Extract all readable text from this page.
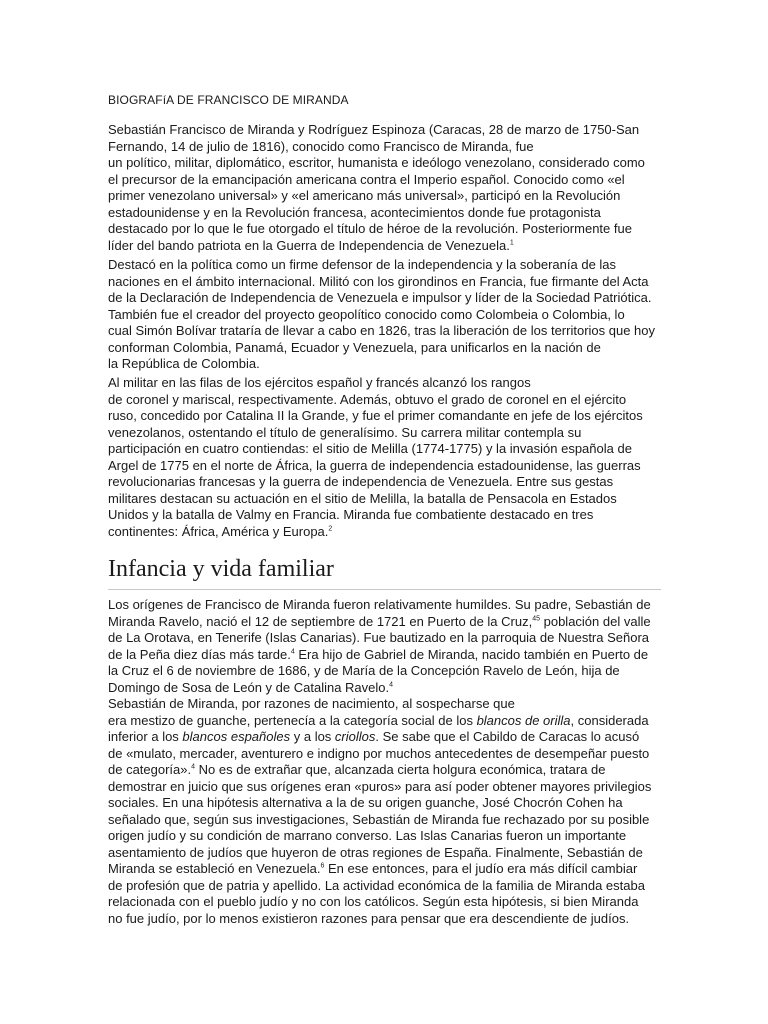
BIOGRAFíA DE FRANCISCO DE MIRANDA

Sebastián Francisco de Miranda y Rodríguez Espinoza (Caracas, 28 de marzo de 1750-San
Fernando, 14 de julio de 1816), conocido como Francisco de Miranda, fue
un político, militar, diplomático, escritor, humanista e ideólogo venezolano, considerado como
el precursor de la emancipación americana contra el Imperio español. Conocido como «el
primer venezolano universal» y «el americano más universal», participó en la Revolución
estadounidense y en la Revolución francesa, acontecimientos donde fue protagonista
destacado por lo que le fue otorgado el título de héroe de la revolución. Posteriormente fue
líder del bando patriota en la Guerra de Independencia de Venezuela.$^1$

Destacó en la política como un firme defensor de la independencia y la soberanía de las
naciones en el ámbito internacional. Militó con los girondinos en Francia, fue firmante del Acta
de la Declaración de Independencia de Venezuela e impulsor y líder de la Sociedad Patriótica.
También fue el creador del proyecto geopolítico conocido como Colombeia o Colombia, lo
cual Simón Bolívar trataría de llevar a cabo en 1826, tras la liberación de los territorios que hoy
conforman Colombia, Panamá, Ecuador y Venezuela, para unificarlos en la nación de
la República de Colombia.

Al militar en las filas de los ejércitos español y francés alcanzó los rangos
de coronel y mariscal, respectivamente. Además, obtuvo el grado de coronel en el ejército
ruso, concedido por Catalina II la Grande, y fue el primer comandante en jefe de los ejércitos
venezolanos, ostentando el título de generalísimo. Su carrera militar contempla su
participación en cuatro contiendas: el sitio de Melilla (1774-1775) y la invasión española de
Argel de 1775 en el norte de África, la guerra de independencia estadounidense, las guerras
revolucionarias francesas y la guerra de independencia de Venezuela. Entre sus gestas
militares destacan su actuación en el sitio de Melilla, la batalla de Pensacola en Estados
Unidos y la batalla de Valmy en Francia. Miranda fue combatiente destacado en tres
continentes: África, América y Europa.$^2$

Infancia y vida familiar

Los orígenes de Francisco de Miranda fueron relativamente humildes. Su padre, Sebastián de
Miranda Ravelo, nació el 12 de septiembre de 1721 en Puerto de la Cruz,$^{45}$ población del valle
de La Orotava, en Tenerife (Islas Canarias). Fue bautizado en la parroquia de Nuestra Señora
de la Peña diez días más tarde.$^4$ Era hijo de Gabriel de Miranda, nacido también en Puerto de
la Cruz el 6 de noviembre de 1686, y de María de la Concepción Ravelo de León, hija de
Domingo de Sosa de León y de Catalina Ravelo.$^4$

Sebastián de Miranda, por razones de nacimiento, al sospecharse que
era mestizo de guanche, pertenecía a la categoría social de los blancos de orilla, considerada
inferior a los blancos españoles y a los criollos. Se sabe que el Cabildo de Caracas lo acusó
de «mulato, mercader, aventurero e indigno por muchos antecedentes de desempeñar puesto
de categoría».$^4$ No es de extrañar que, alcanzada cierta holgura económica, tratara de
demostrar en juicio que sus orígenes eran «puros» para así poder obtener mayores privilegios
sociales. En una hipótesis alternativa a la de su origen guanche, José Chocrón Cohen ha
señalado que, según sus investigaciones, Sebastián de Miranda fue rechazado por su posible
origen judío y su condición de marrano converso. Las Islas Canarias fueron un importante
asentamiento de judíos que huyeron de otras regiones de España. Finalmente, Sebastián de
Miranda se estableció en Venezuela.$^6$ En ese entonces, para el judío era más difícil cambiar
de profesión que de patria y apellido. La actividad económica de la familia de Miranda estaba
relacionada con el pueblo judío y no con los católicos. Según esta hipótesis, si bien Miranda
no fue judío, por lo menos existieron razones para pensar que era descendiente de judíos.
